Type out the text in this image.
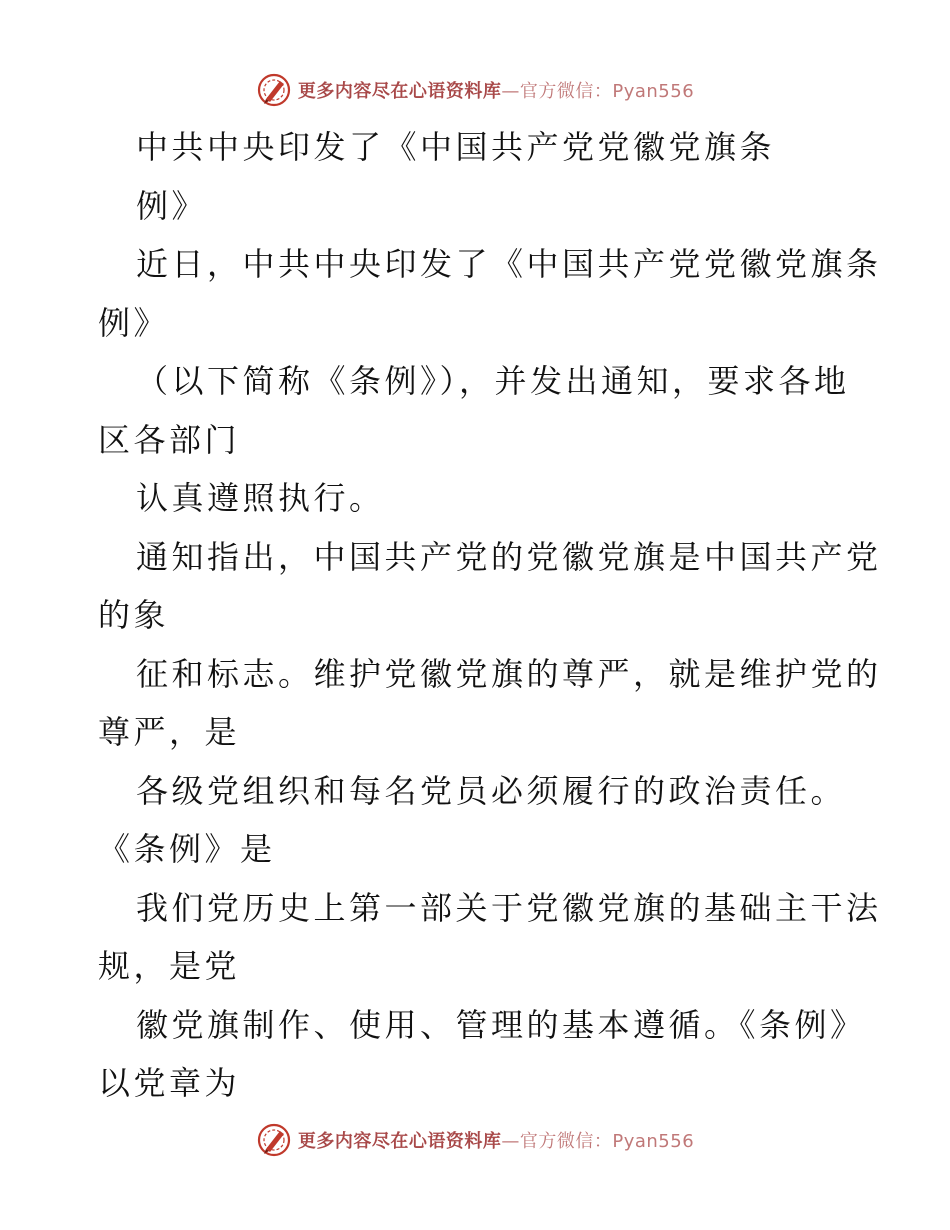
更多内容尽在心语资料库—官方微信：Pyan556
中共中央印发了《中国共产党党徽党旗条
例》
近日，中共中央印发了《中国共产党党徽党旗条
例》
（以下简称《条例》），并发出通知，要求各地
区各部门
认真遵照执行。
通知指出，中国共产党的党徽党旗是中国共产党
的象
征和标志。维护党徽党旗的尊严，就是维护党的
尊严，是
各级党组织和每名党员必须履行的政治责任。
《条例》是
我们党历史上第一部关于党徽党旗的基础主干法
规，是党
徽党旗制作、使用、管理的基本遵循。《条例》
以党章为
更多内容尽在心语资料库—官方微信：Pyan556
